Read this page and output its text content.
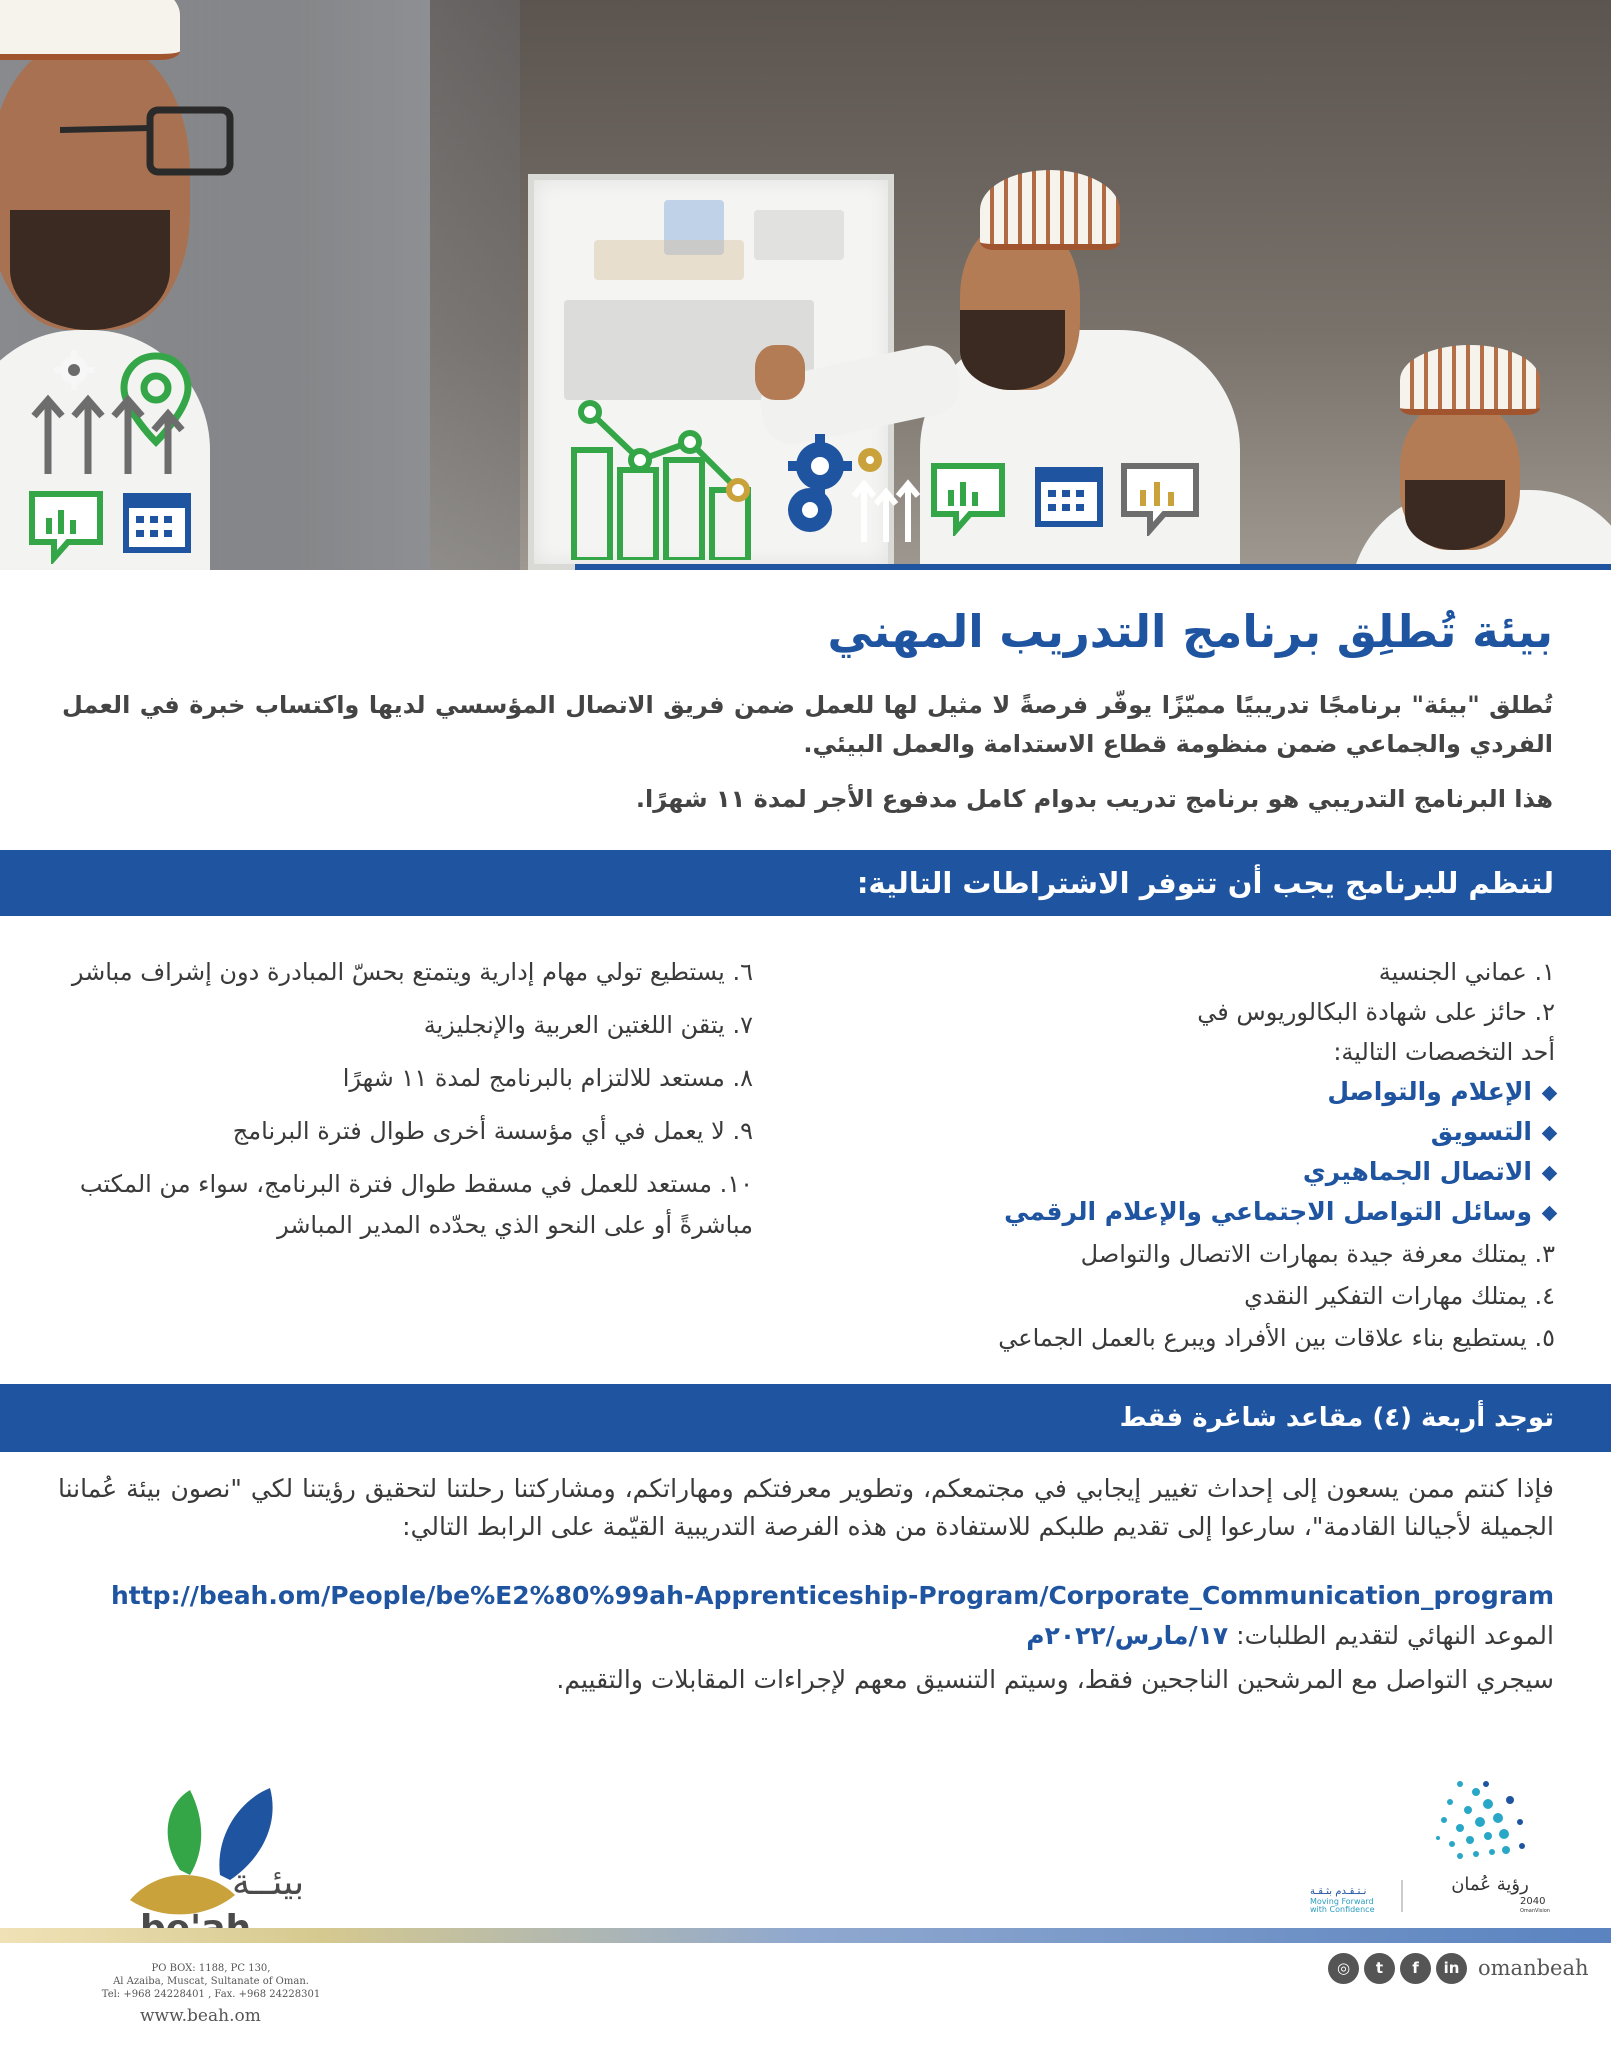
بيئة تُطلِق برنامج التدريب المهني

تُطلق "بيئة" برنامجًا تدريبيًا مميّزًا يوفّر فرصةً لا مثيل لها للعمل ضمن فريق الاتصال المؤسسي لديها واكتساب خبرة في العمل الفردي والجماعي ضمن منظومة قطاع الاستدامة والعمل البيئي.

هذا البرنامج التدريبي هو برنامج تدريب بدوام كامل مدفوع الأجر لمدة ١١ شهرًا.

لتنظم للبرنامج يجب أن تتوفر الاشتراطات التالية:
١. عماني الجنسية
٢. حائز على شهادة البكالوريوس في
أحد التخصصات التالية:
الإعلام والتواصل
التسويق
الاتصال الجماهيري
وسائل التواصل الاجتماعي والإعلام الرقمي
٣. يمتلك معرفة جيدة بمهارات الاتصال والتواصل
٤. يمتلك مهارات التفكير النقدي
٥. يستطيع بناء علاقات بين الأفراد ويبرع بالعمل الجماعي
٦. يستطيع تولي مهام إدارية ويتمتع بحسّ المبادرة دون إشراف مباشر
٧. يتقن اللغتين العربية والإنجليزية
٨. مستعد للالتزام بالبرنامج لمدة ١١ شهرًا
٩. لا يعمل في أي مؤسسة أخرى طوال فترة البرنامج
١٠. مستعد للعمل في مسقط طوال فترة البرنامج، سواء من المكتب مباشرةً أو على النحو الذي يحدّده المدير المباشر
توجد أربعة (٤) مقاعد شاغرة فقط

فإذا كنتم ممن يسعون إلى إحداث تغيير إيجابي في مجتمعكم، وتطوير معرفتكم ومهاراتكم، ومشاركتنا رحلتنا لتحقيق رؤيتنا لكي "نصون بيئة عُماننا الجميلة لأجيالنا القادمة"، سارعوا إلى تقديم طلبكم للاستفادة من هذه الفرصة التدريبية القيّمة على الرابط التالي:

http://beah.om/People/be%E2%80%99ah-Apprenticeship-Program/Corporate_Communication_program

الموعد النهائي لتقديم الطلبات: ١٧/مارس/٢٠٢٢م

سيجري التواصل مع المرشحين الناجحين فقط، وسيتم التنسيق معهم لإجراءات المقابلات والتقييم.

بيئــة
PO BOX: 1188, PC 130,
Al Azaiba, Muscat, Sultanate of Oman.
Tel: +968 24228401 , Fax. +968 24228301
www.beah.om
نـتـقـدم بثـقـة
Moving Forward
with Confidence
رؤية عُمان
2040
OmanVision
◎	t	f	in omanbeah
